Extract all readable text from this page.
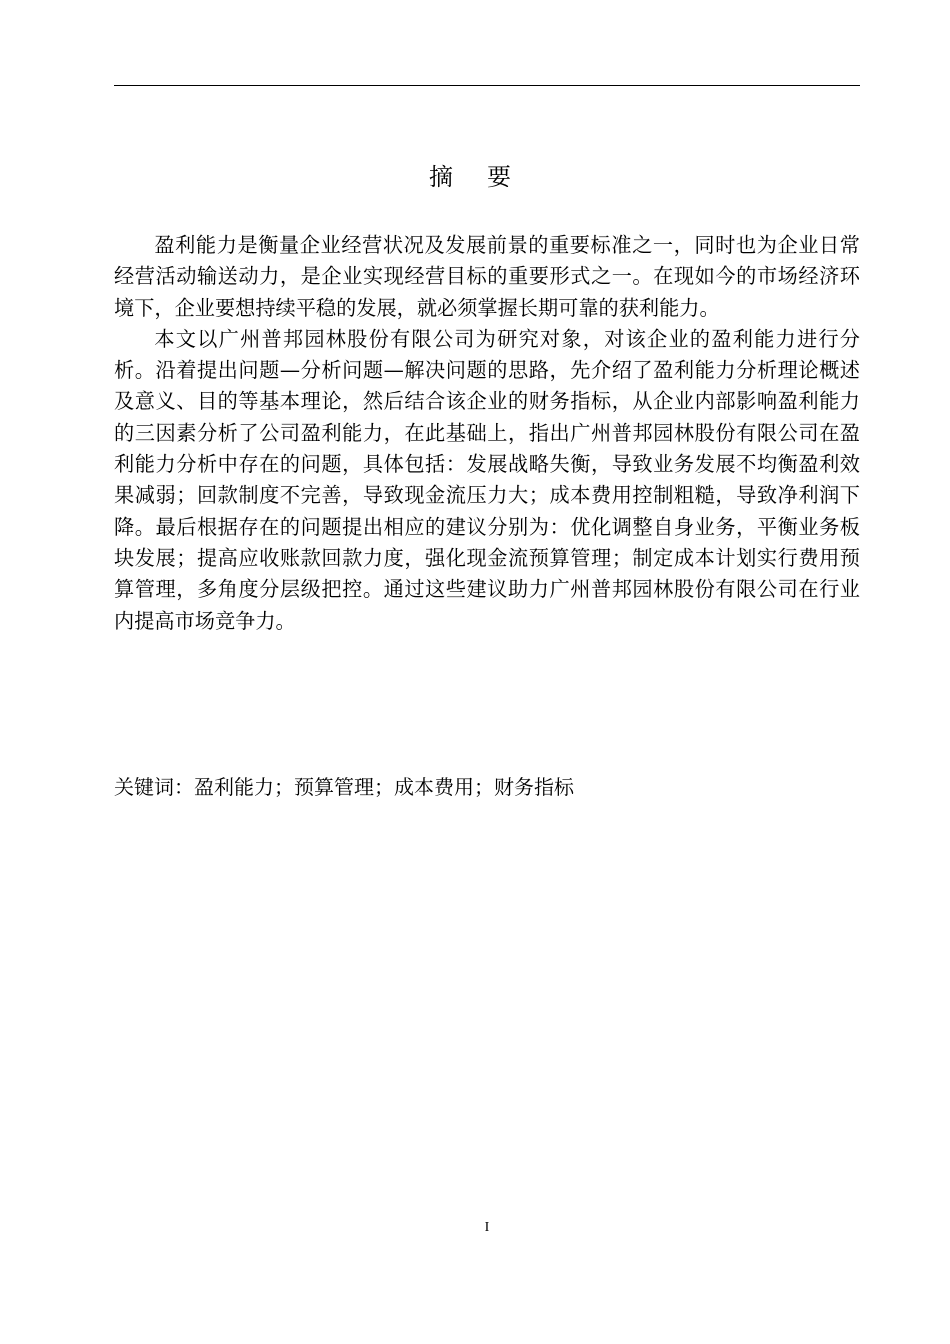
摘要

盈利能力是衡量企业经营状况及发展前景的重要标准之一，同时也为企业日常经营活动输送动力，是企业实现经营目标的重要形式之一。在现如今的市场经济环境下，企业要想持续平稳的发展，就必须掌握长期可靠的获利能力。

本文以广州普邦园林股份有限公司为研究对象，对该企业的盈利能力进行分析。沿着提出问题—分析问题—解决问题的思路，先介绍了盈利能力分析理论概述及意义、目的等基本理论，然后结合该企业的财务指标，从企业内部影响盈利能力的三因素分析了公司盈利能力，在此基础上，指出广州普邦园林股份有限公司在盈利能力分析中存在的问题，具体包括：发展战略失衡，导致业务发展不均衡盈利效果减弱；回款制度不完善，导致现金流压力大；成本费用控制粗糙，导致净利润下降。最后根据存在的问题提出相应的建议分别为：优化调整自身业务，平衡业务板块发展；提高应收账款回款力度，强化现金流预算管理；制定成本计划实行费用预算管理，多角度分层级把控。通过这些建议助力广州普邦园林股份有限公司在行业内提高市场竞争力。

关键词：盈利能力；预算管理；成本费用；财务指标
I
